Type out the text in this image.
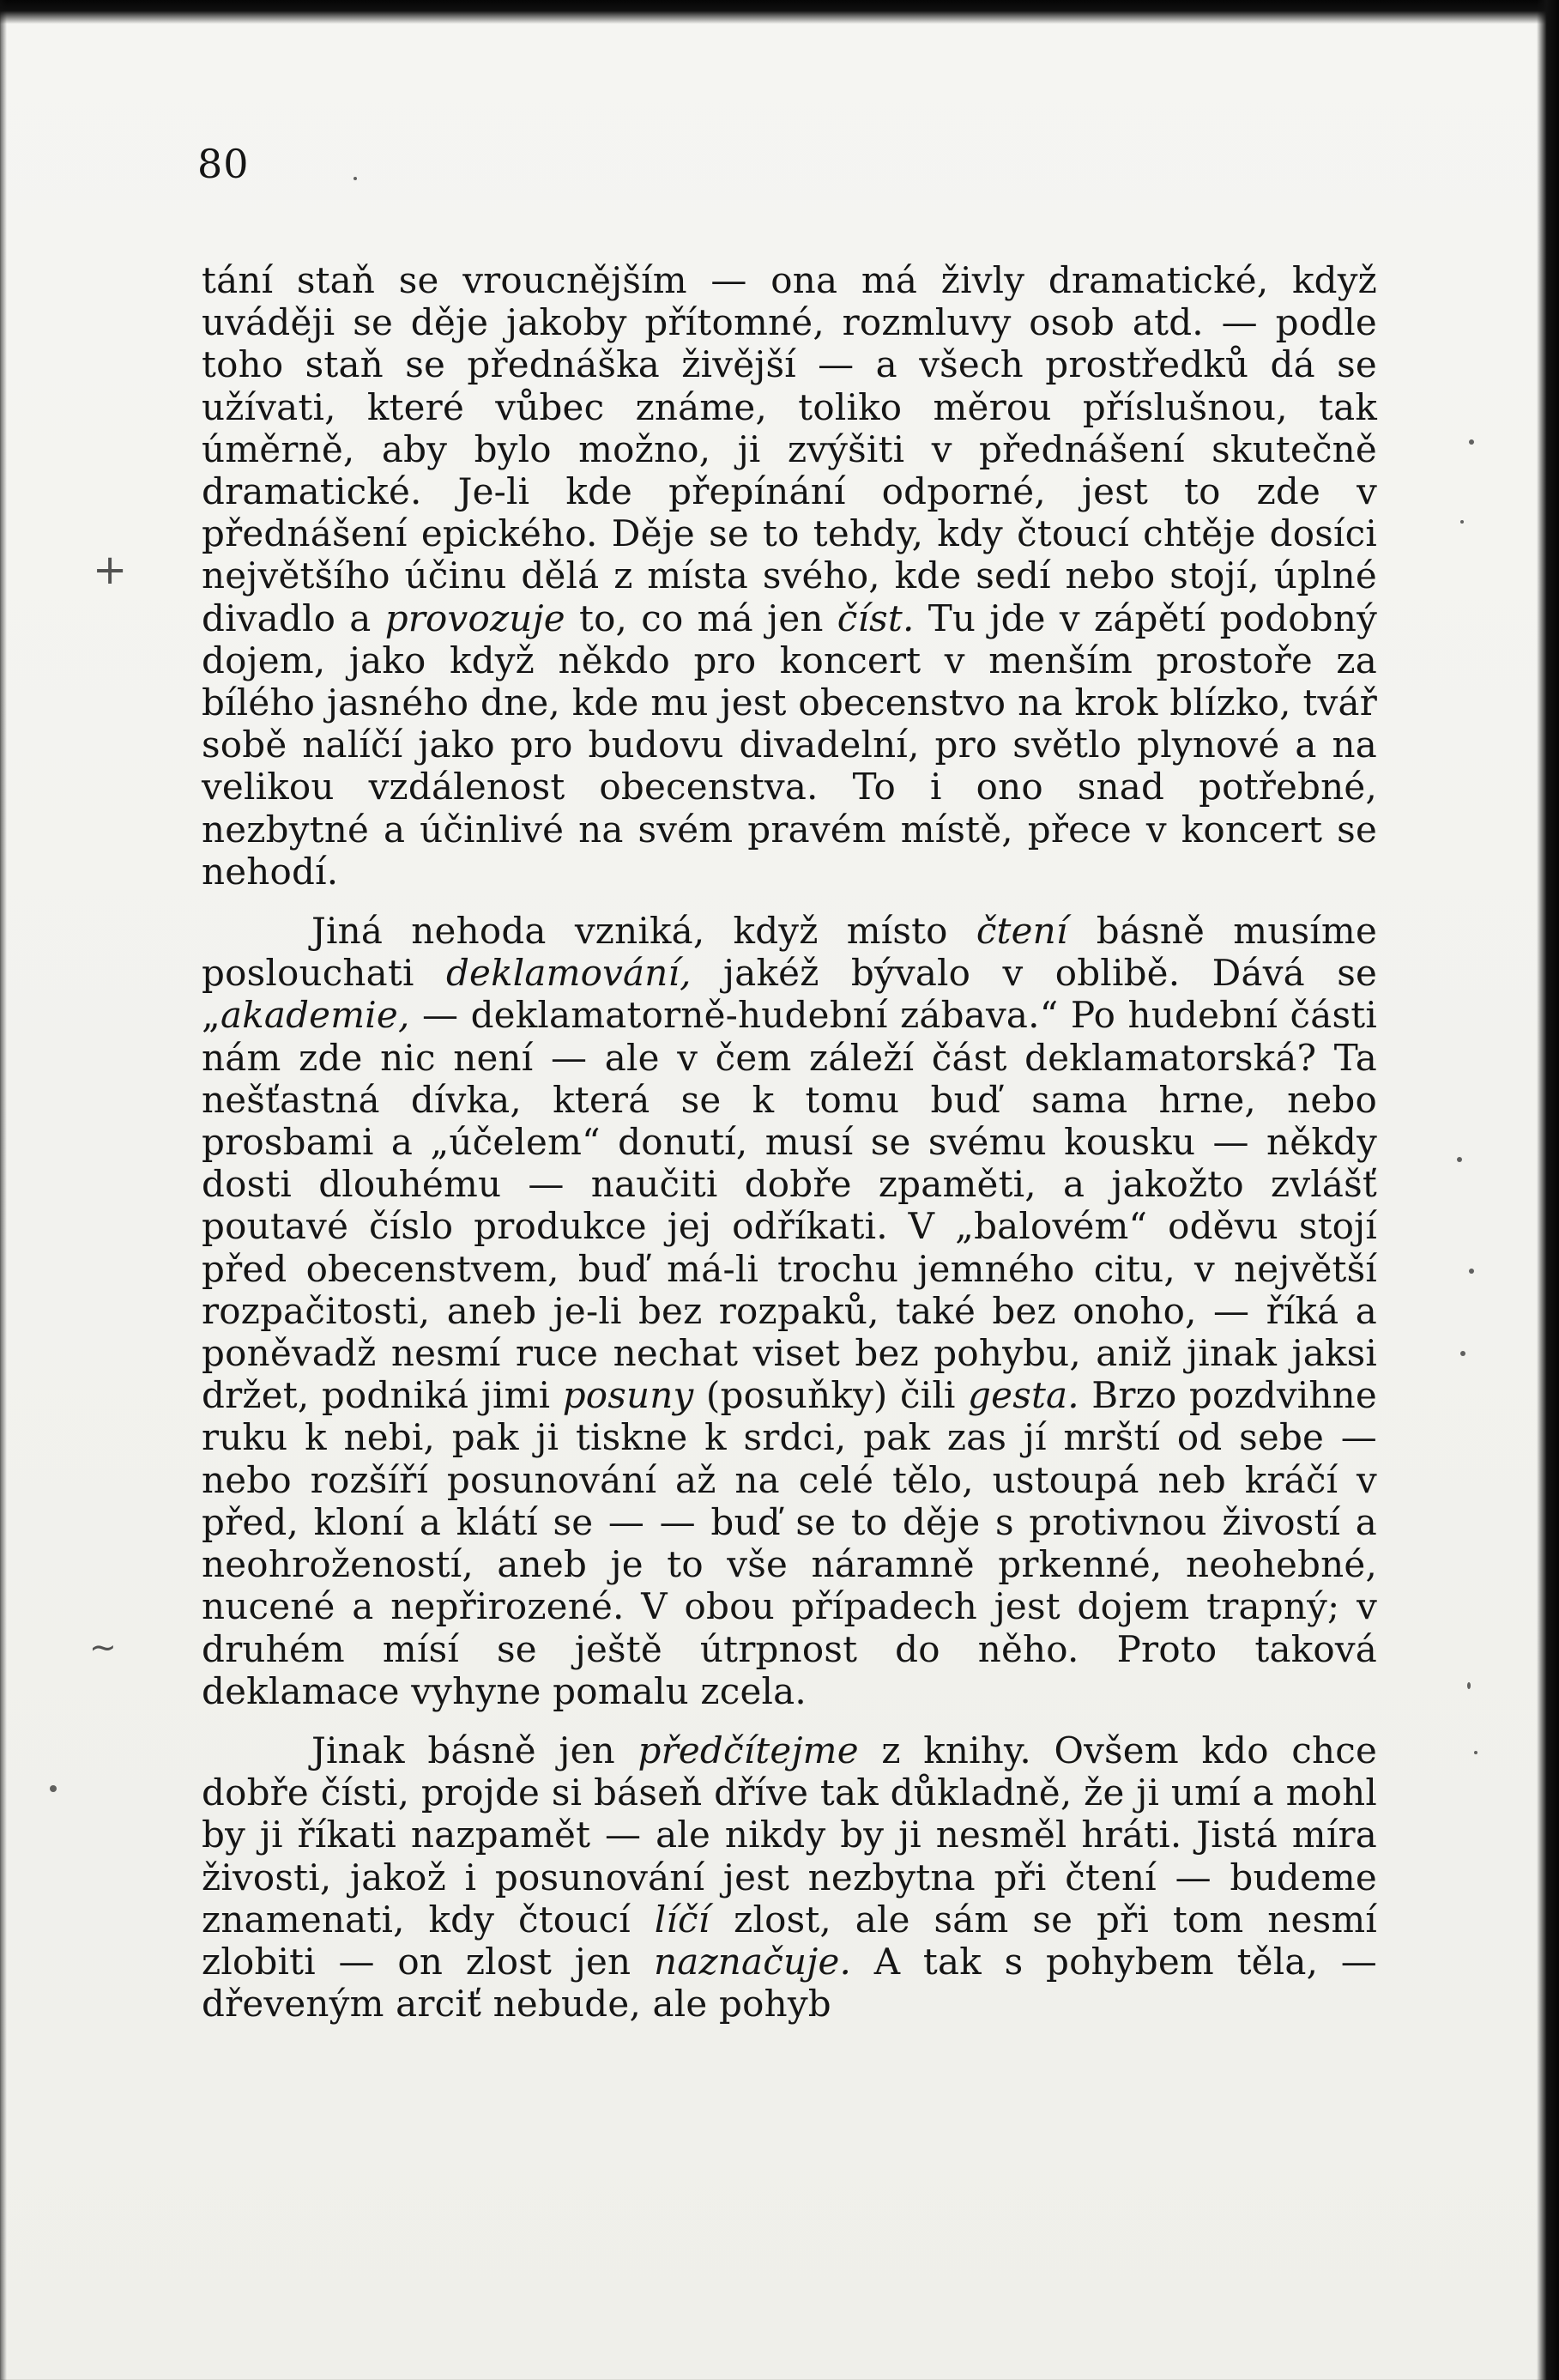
+
~
80

tání staň se vroucnějším — ona má živly dramatické, když uváději se děje jakoby přítomné, rozmluvy osob atd. — podle toho staň se přednáška živější — a všech prostředků dá se užívati, které vůbec známe, toliko měrou příslušnou, tak úměrně, aby bylo možno, ji zvýšiti v přednášení skutečně dramatické. Je-li kde přepínání odporné, jest to zde v přednášení epického. Děje se to tehdy, kdy čtoucí chtěje dosíci největšího účinu dělá z místa svého, kde sedí nebo stojí, úplné divadlo a provozuje to, co má jen číst. Tu jde v zápětí podobný dojem, jako když někdo pro koncert v menším prostoře za bílého jasného dne, kde mu jest obecenstvo na krok blízko, tvář sobě nalíčí jako pro budovu divadelní, pro světlo plynové a na velikou vzdálenost obecenstva. To i ono snad potřebné, nezbytné a účinlivé na svém pravém místě, přece v koncert se nehodí.

Jiná nehoda vzniká, když místo čtení básně musíme poslouchati deklamování, jakéž bývalo v oblibě. Dává se „akademie, — deklamatorně-hudební zábava.“ Po hudební části nám zde nic není — ale v čem záleží část deklamatorská? Ta nešťastná dívka, která se k tomu buď sama hrne, nebo prosbami a „účelem“ donutí, musí se svému kousku — někdy dosti dlouhému — naučiti dobře zpaměti, a jakožto zvlášť poutavé číslo produkce jej odříkati. V „balovém“ oděvu stojí před obecenstvem, buď má-li trochu jemného citu, v největší rozpačitosti, aneb je-li bez rozpaků, také bez onoho, — říká a poněvadž nesmí ruce nechat viset bez pohybu, aniž jinak jaksi držet, podniká jimi posuny (posuňky) čili gesta. Brzo pozdvihne ruku k nebi, pak ji tiskne k srdci, pak zas jí mrští od sebe — nebo rozšíří posunování až na celé tělo, ustoupá neb kráčí v před, kloní a klátí se — — buď se to děje s protivnou živostí a neohrožeností, aneb je to vše náramně prkenné, neohebné, nucené a nepřirozené. V obou případech jest dojem trapný; v druhém mísí se ještě útrpnost do něho. Proto taková deklamace vyhyne pomalu zcela.

Jinak básně jen předčítejme z knihy. Ovšem kdo chce dobře čísti, projde si báseň dříve tak důkladně, že ji umí a mohl by ji říkati nazpamět — ale nikdy by ji nesměl hráti. Jistá míra živosti, jakož i posunování jest nezbytna při čtení — budeme znamenati, kdy čtoucí líčí zlost, ale sám se při tom nesmí zlobiti — on zlost jen naznačuje. A tak s pohybem těla, — dřeveným arciť nebude, ale pohyb
